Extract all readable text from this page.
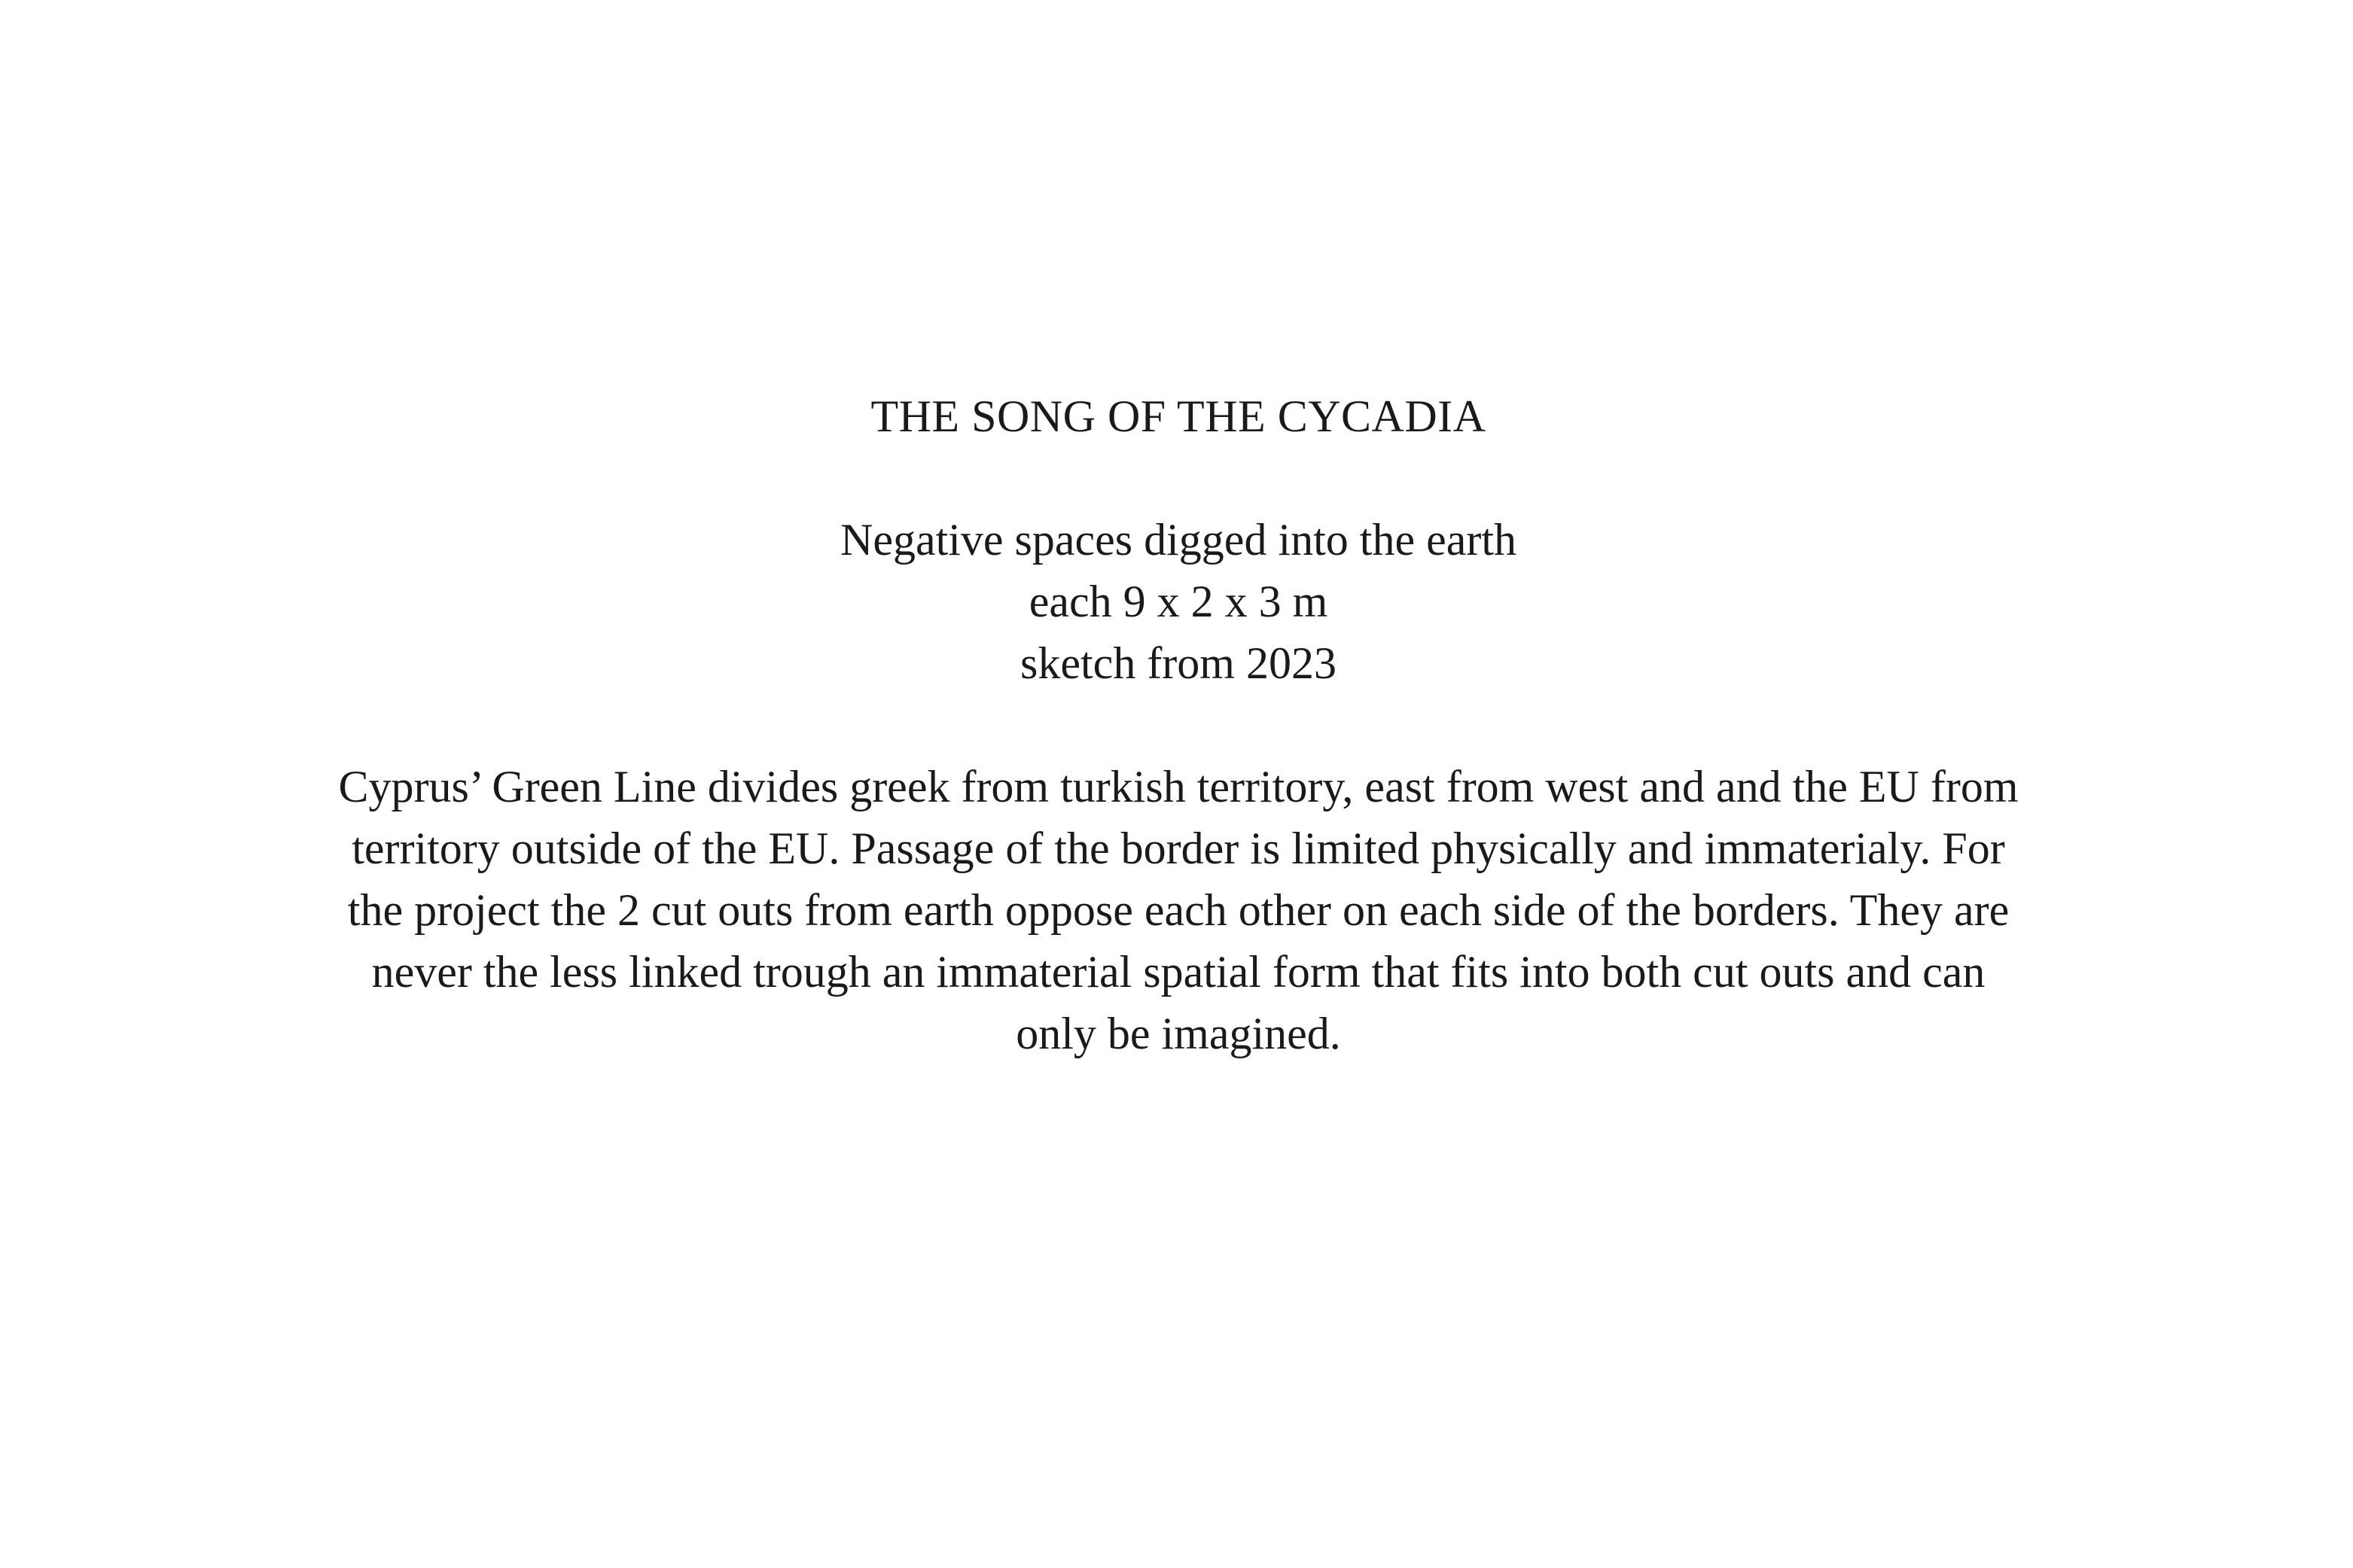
THE SONG OF THE CYCADIA
Negative spaces digged into the earth
each 9 x 2 x 3 m
sketch from 2023
Cyprus’ Green Line divides greek from turkish territory, east from west and and the EU from
territory outside of the EU. Passage of the border is limited physically and immaterialy. For
the project the 2 cut outs from earth oppose each other on each side of the borders. They are
never the less linked trough an immaterial spatial form that fits into both cut outs and can
only be imagined.
